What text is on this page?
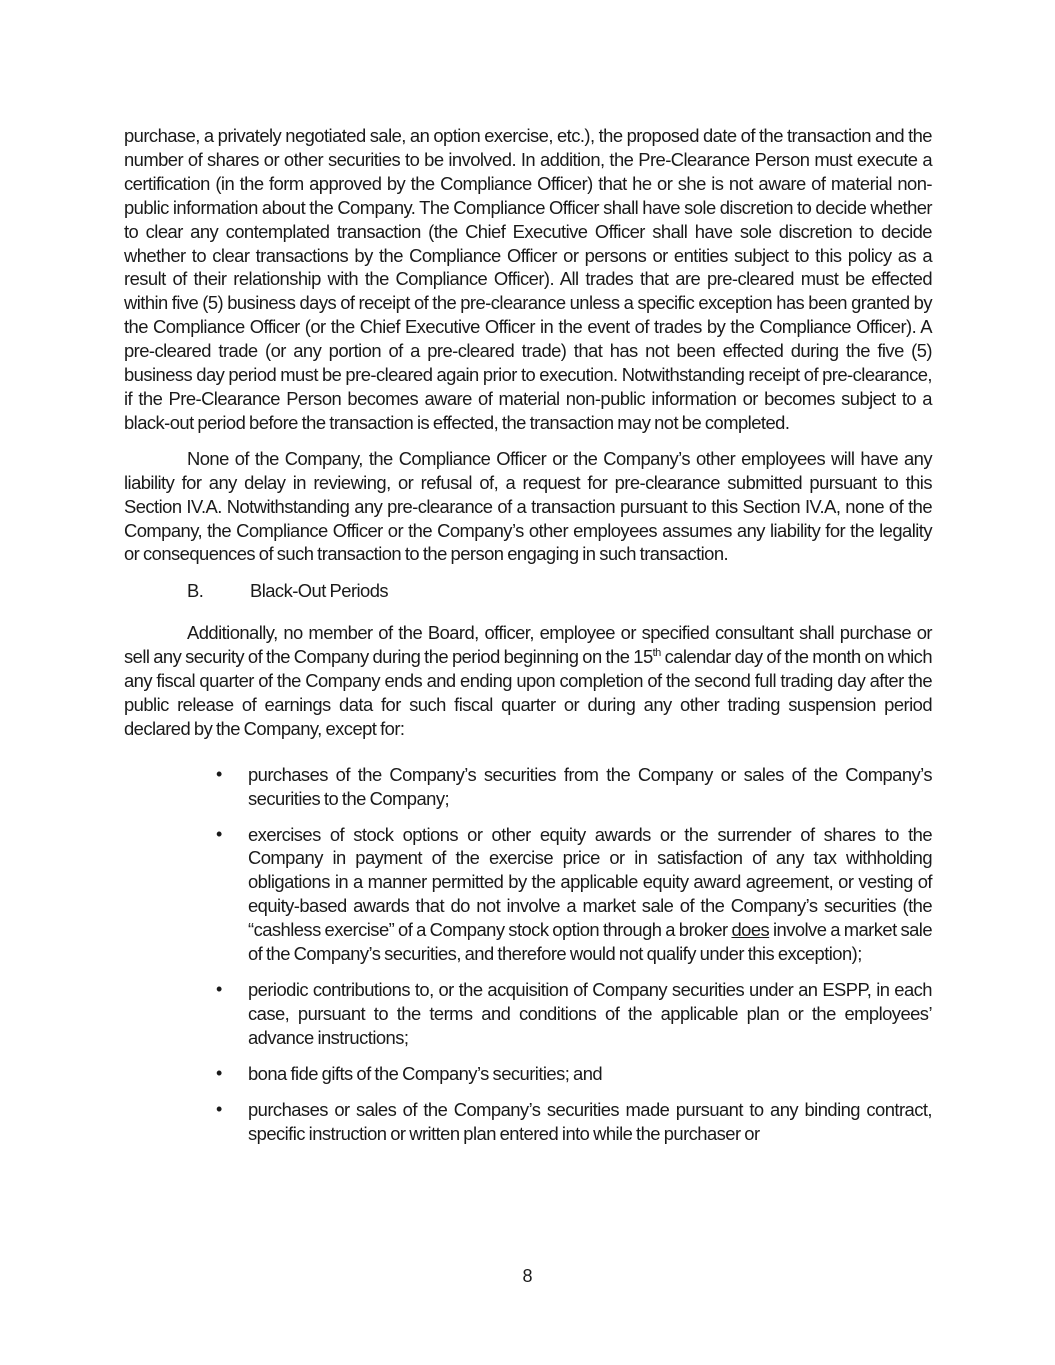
purchase, a privately negotiated sale, an option exercise, etc.), the proposed date of the transaction and the number of shares or other securities to be involved. In addition, the Pre-Clearance Person must execute a certification (in the form approved by the Compliance Officer) that he or she is not aware of material non-public information about the Company. The Compliance Officer shall have sole discretion to decide whether to clear any contemplated transaction (the Chief Executive Officer shall have sole discretion to decide whether to clear transactions by the Compliance Officer or persons or entities subject to this policy as a result of their relationship with the Compliance Officer). All trades that are pre-cleared must be effected within five (5) business days of receipt of the pre-clearance unless a specific exception has been granted by the Compliance Officer (or the Chief Executive Officer in the event of trades by the Compliance Officer). A pre-cleared trade (or any portion of a pre-cleared trade) that has not been effected during the five (5) business day period must be pre-cleared again prior to execution. Notwithstanding receipt of pre-clearance, if the Pre-Clearance Person becomes aware of material non-public information or becomes subject to a black-out period before the transaction is effected, the transaction may not be completed.

None of the Company, the Compliance Officer or the Company’s other employees will have any liability for any delay in reviewing, or refusal of, a request for pre-clearance submitted pursuant to this Section IV.A. Notwithstanding any pre-clearance of a transaction pursuant to this Section IV.A, none of the Company, the Compliance Officer or the Company’s other employees assumes any liability for the legality or consequences of such transaction to the person engaging in such transaction.

B.	Black-Out Periods

Additionally, no member of the Board, officer, employee or specified consultant shall purchase or sell any security of the Company during the period beginning on the 15th calendar day of the month on which any fiscal quarter of the Company ends and ending upon completion of the second full trading day after the public release of earnings data for such fiscal quarter or during any other trading suspension period declared by the Company, except for:

• purchases of the Company’s securities from the Company or sales of the Company’s securities to the Company;
• exercises of stock options or other equity awards or the surrender of shares to the Company in payment of the exercise price or in satisfaction of any tax withholding obligations in a manner permitted by the applicable equity award agreement, or vesting of equity-based awards that do not involve a market sale of the Company’s securities (the “cashless exercise” of a Company stock option through a broker does involve a market sale of the Company’s securities, and therefore would not qualify under this exception);
• periodic contributions to, or the acquisition of Company securities under an ESPP, in each case, pursuant to the terms and conditions of the applicable plan or the employees’ advance instructions;
• bona fide gifts of the Company’s securities; and
• purchases or sales of the Company’s securities made pursuant to any binding contract, specific instruction or written plan entered into while the purchaser or
8
